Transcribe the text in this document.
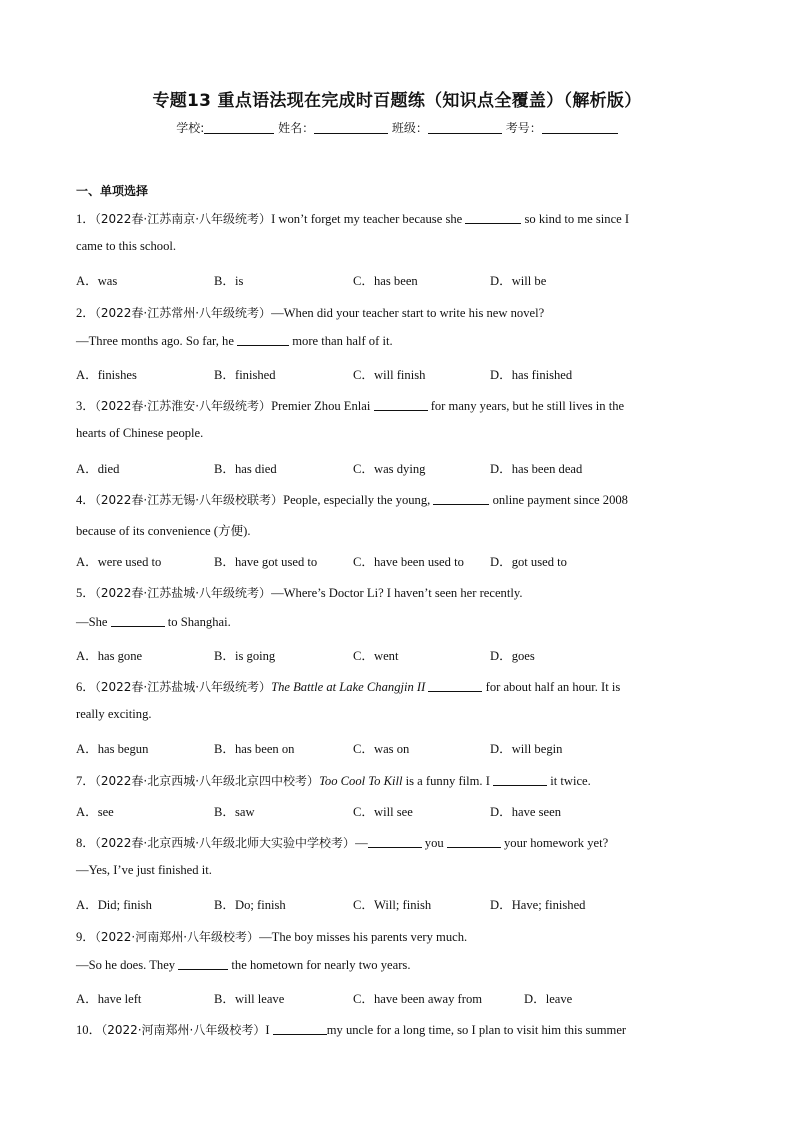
专题13 重点语法现在完成时百题练（知识点全覆盖）（解析版）
学校:	姓名：	班级：	考号：
一、单项选择
1．（2022春·江苏南京·八年级统考）I won’t forget my teacher because she	so kind to me since I
came to this school.
A．was	B．is	C．has been	D．will be
2．（2022春·江苏常州·八年级统考）—When did your teacher start to write his new novel?
—Three months ago. So far, he	more than half of it.
A．finishes	B．finished	C．will finish	D．has finished
3．（2022春·江苏淮安·八年级统考）Premier Zhou Enlai	for many years, but he still lives in the
hearts of Chinese people.
A．died	B．has died	C．was dying	D．has been dead
4．（2022春·江苏无锡·八年级校联考）People, especially the young,	online payment since 2008
because of its convenience (方便).
A．were used to	B．have got used to	C．have been used to D．got used to
5．（2022春·江苏盐城·八年级统考）—Where’s Doctor Li? I haven’t seen her recently.
—She	to Shanghai.
A．has gone	B．is going	C．went	D．goes
6．（2022春·江苏盐城·八年级统考）The Battle at Lake Changjin II	for about half an hour. It is
really exciting.
A．has begun	B．has been on	C．was on	D．will begin
7．（2022春·北京西城·八年级北京四中校考）Too Cool To Kill is a funny film. I	it twice.
A．see	B．saw	C．will see	D．have seen
8．（2022春·北京西城·八年级北师大实验中学校考）—	you	your homework yet?
—Yes, I’ve just finished it.
A．Did; finish	B．Do; finish	C．Will; finish	D．Have; finished
9．（2022·河南郑州·八年级校考）—The boy misses his parents very much.
—So he does. They	the hometown for nearly two years.
A．have left	B．will leave	C．have been away from	D．leave
10．（2022·河南郑州·八年级校考）I	my uncle for a long time, so I plan to visit him this summer
